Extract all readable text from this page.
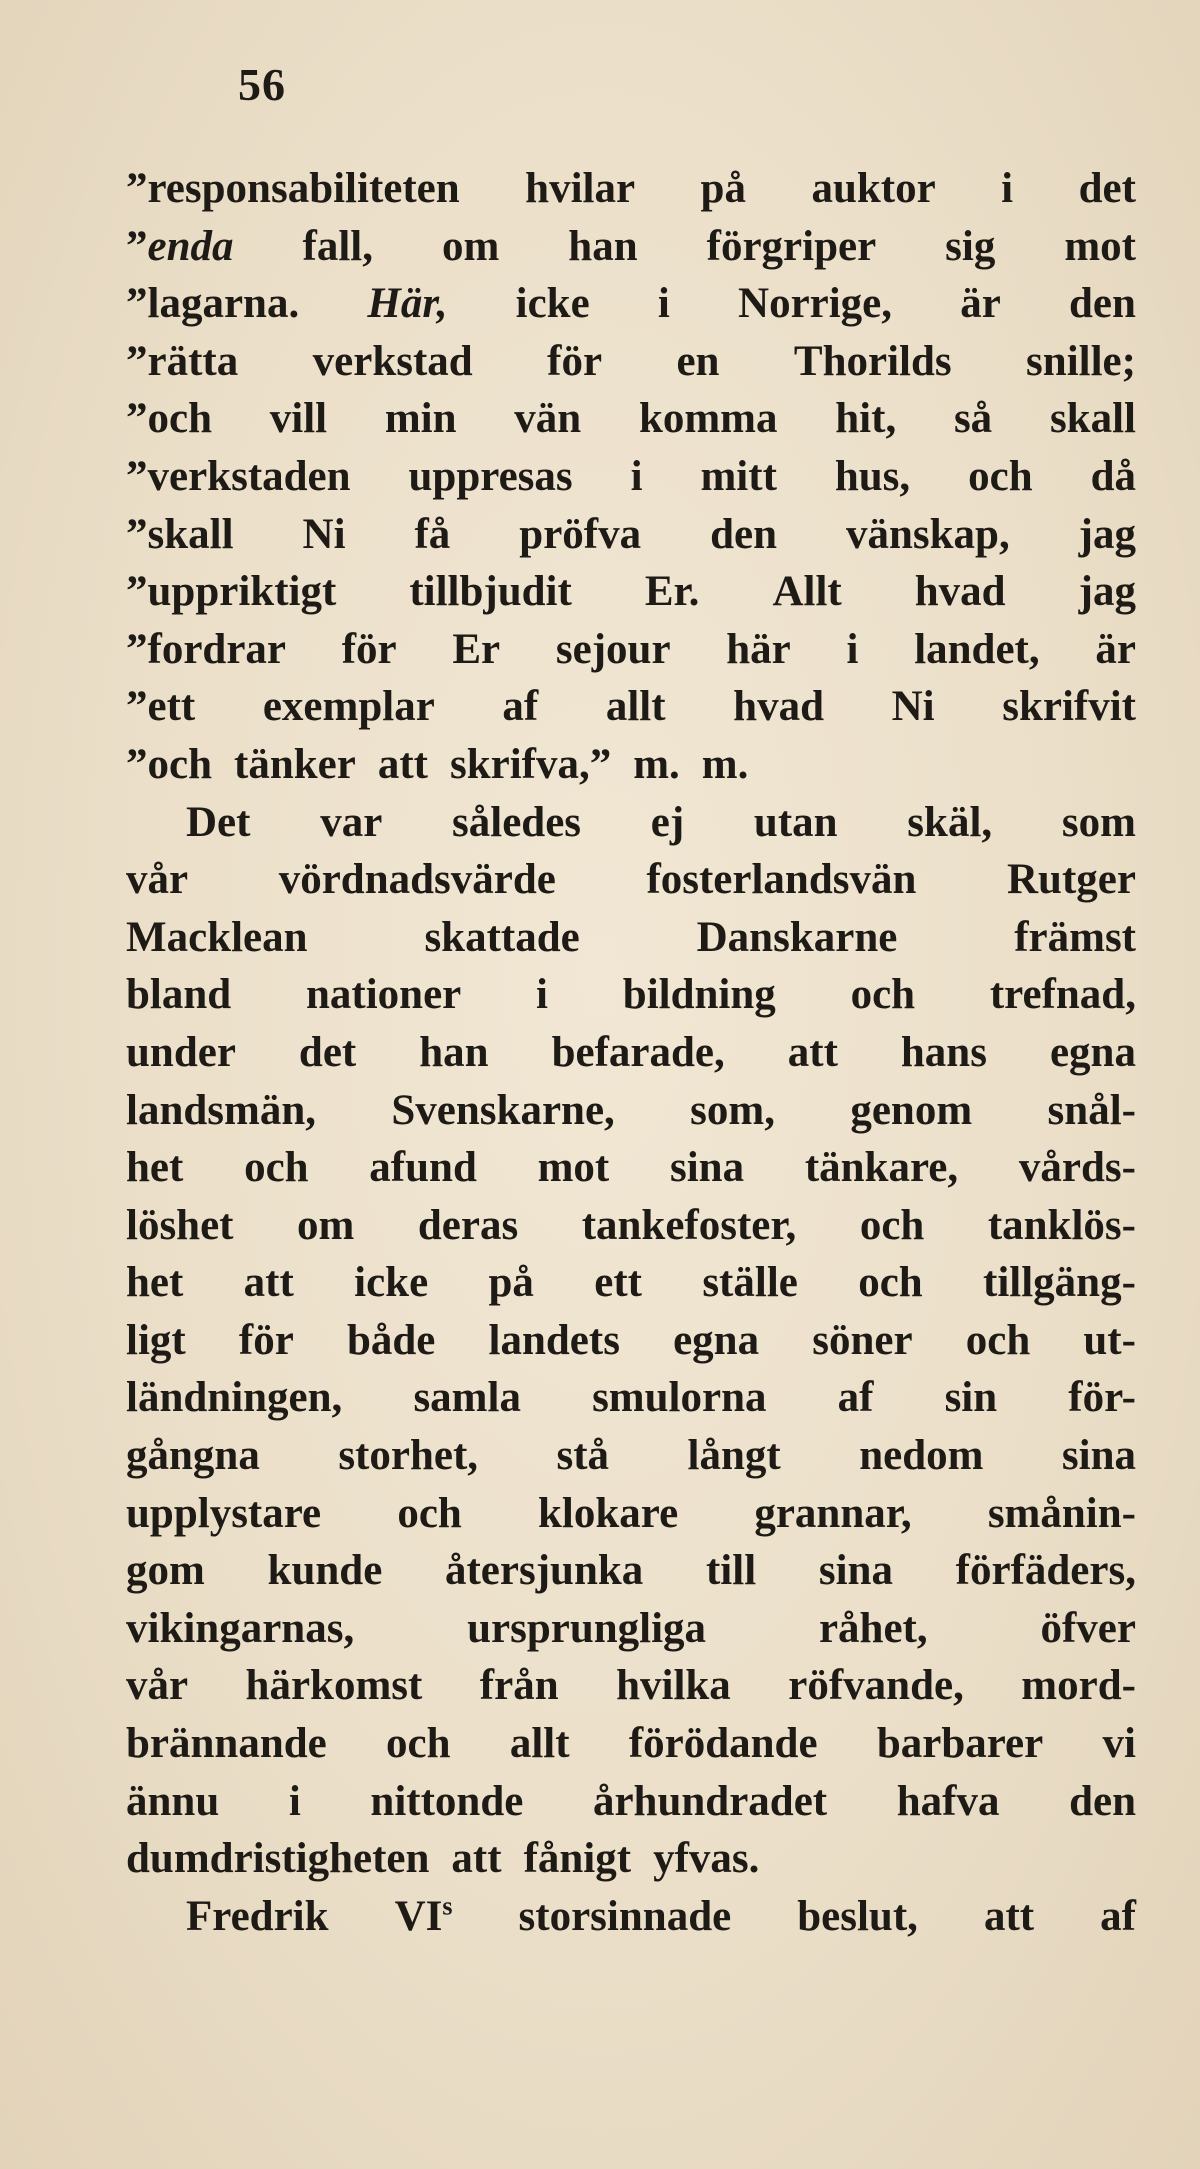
56
”responsabiliteten hvilar på auktor i det
”enda fall, om han förgriper sig mot
”lagarna. Här, icke i Norrige, är den
”rätta verkstad för en Thorilds snille;
”och vill min vän komma hit, så skall
”verkstaden uppresas i mitt hus, och då
”skall Ni få pröfva den vänskap, jag
”uppriktigt tillbjudit Er. Allt hvad jag
”fordrar för Er sejour här i landet, är
”ett exemplar af allt hvad Ni skrifvit
”och tänker att skrifva,” m. m.
Det var således ej utan skäl, som
vår vördnadsvärde fosterlandsvän Rutger
Macklean	skattade	Danskarne	främst
bland nationer i bildning och trefnad,
under det han befarade, att hans egna
landsmän, Svenskarne, som, genom snål-
het och afund mot sina tänkare, vårds-
löshet om deras tankefoster, och tanklös-
het att icke på ett ställe och tillgäng-
ligt för både landets egna söner och ut-
ländningen, samla smulorna af sin för-
gångna storhet, stå långt nedom sina
upplystare och klokare grannar, smånin-
gom kunde återsjunka till sina förfäders,
vikingarnas,	ursprungliga	råhet,	öfver
vår härkomst från hvilka röfvande, mord-
brännande och allt förödande barbarer vi
ännu i nittonde århundradet hafva den
dumdristigheten att fånigt yfvas.
Fredrik $VI^s$ storsinnade beslut, att af
